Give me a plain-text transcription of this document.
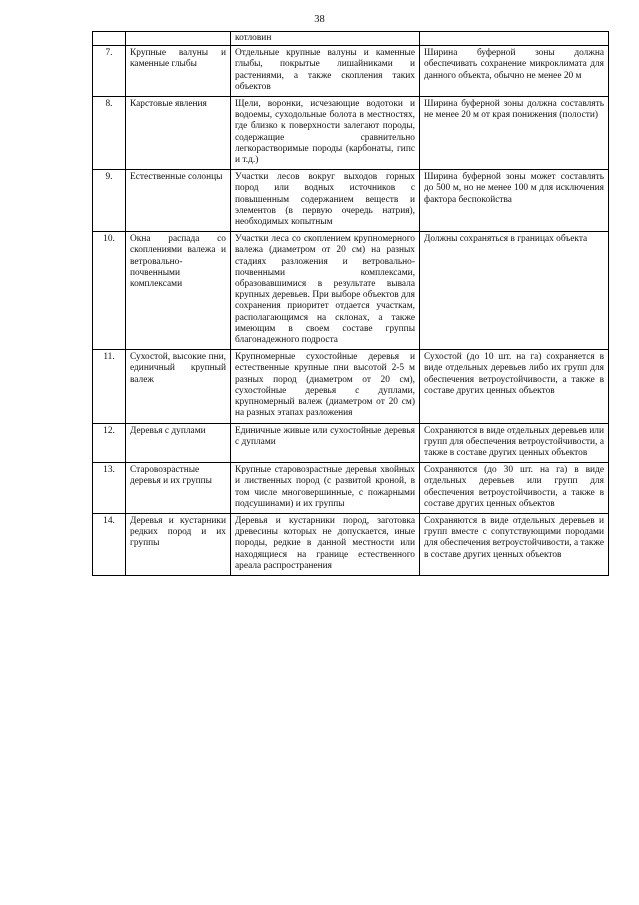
38
		котловин	
7.	Крупные валуны и каменные глыбы	Отдельные крупные валуны и каменные глыбы, покрытые лишайниками и растениями, а также скопления таких объектов	Ширина буферной зоны должна обеспечивать сохранение микроклимата для данного объекта, обычно не менее 20 м
8.	Карстовые явления	Щели, воронки, исчезающие водотоки и водоемы, суходольные болота в местностях, где близко к поверхности залегают породы, содержащие сравнительно легкорастворимые породы (карбонаты, гипс и т.д.)	Ширина буферной зоны должна составлять не менее 20 м от края понижения (полости)
9.	Естественные солонцы	Участки лесов вокруг выходов горных пород или водных источников с повышенным содержанием веществ и элементов (в первую очередь натрия), необходимых копытным	Ширина буферной зоны может составлять до 500 м, но не менее 100 м для исключения фактора беспокойства
10.	Окна распада со скоплениями валежа и ветровально-почвенными комплексами	Участки леса со скоплением крупномерного валежа (диаметром от 20 см) на разных стадиях разложения и ветровально-почвенными комплексами, образовавшимися в результате вывала крупных деревьев. При выборе объектов для сохранения приоритет отдается участкам, располагающимся на склонах, а также имеющим в своем составе группы благонадежного подроста	Должны сохраняться в границах объекта
11.	Сухостой, высокие пни, единичный крупный валеж	Крупномерные сухостойные деревья и естественные крупные пни высотой 2-5 м разных пород (диаметром от 20 см), сухостойные деревья с дуплами, крупномерный валеж (диаметром от 20 см) на разных этапах разложения	Сухостой (до 10 шт. на га) сохраняется в виде отдельных деревьев либо их групп для обеспечения ветроустойчивости, а также в составе других ценных объектов
12.	Деревья с дуплами	Единичные живые или сухостойные деревья с дуплами	Сохраняются в виде отдельных деревьев или групп для обеспечения ветроустойчивости, а также в составе других ценных объектов
13.	Старовозрастные деревья и их группы	Крупные старовозрастные деревья хвойных и лиственных пород (с развитой кроной, в том числе многовершинные, с пожарными подсушинами) и их группы	Сохраняются (до 30 шт. на га) в виде отдельных деревьев или групп для обеспечения ветроустойчивости, а также в составе других ценных объектов
14.	Деревья и кустарники редких пород и их группы	Деревья и кустарники пород, заготовка древесины которых не допускается, иные породы, редкие в данной местности или находящиеся на границе естественного ареала распространения	Сохраняются в виде отдельных деревьев и групп вместе с сопутствующими породами для обеспечения ветроустойчивости, а также в составе других ценных объектов
